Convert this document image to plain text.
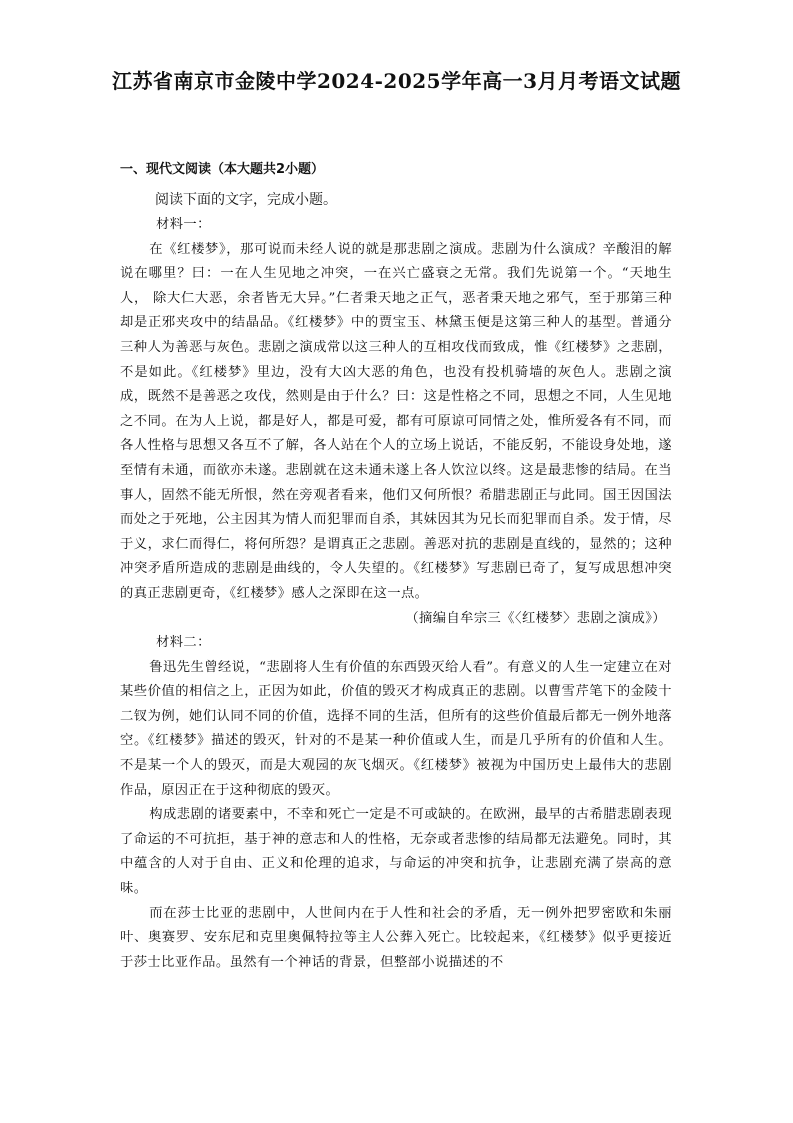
江苏省南京市金陵中学2024-2025学年高一3月月考语文试题
一、现代文阅读（本大题共2小题）
阅读下面的文字，完成小题。

材料一：

在《红楼梦》，那可说而未经人说的就是那悲剧之演成。悲剧为什么演成？辛酸泪的解说在哪里？曰：一在人生见地之冲突，一在兴亡盛衰之无常。我们先说第一个。“天地生人， 除大仁大恶，余者皆无大异。”仁者秉天地之正气，恶者秉天地之邪气，至于那第三种却是正邪夹攻中的结晶品。《红楼梦》中的贾宝玉、林黛玉便是这第三种人的基型。普通分三种人为善恶与灰色。悲剧之演成常以这三种人的互相攻伐而致成，惟《红楼梦》之悲剧，不是如此。《红楼梦》里边，没有大凶大恶的角色，也没有投机骑墙的灰色人。悲剧之演成，既然不是善恶之攻伐，然则是由于什么？曰：这是性格之不同，思想之不同，人生见地之不同。在为人上说，都是好人，都是可爱，都有可原谅可同情之处，惟所爱各有不同，而各人性格与思想又各互不了解，各人站在个人的立场上说话，不能反躬，不能设身处地，遂至情有未通，而欲亦未遂。悲剧就在这未通未遂上各人饮泣以终。这是最悲惨的结局。在当事人，固然不能无所恨，然在旁观者看来，他们又何所恨？希腊悲剧正与此同。国王因国法而处之于死地，公主因其为情人而犯罪而自杀，其妹因其为兄长而犯罪而自杀。发于情，尽于义，求仁而得仁，将何所怨？是谓真正之悲剧。善恶对抗的悲剧是直线的，显然的；这种冲突矛盾所造成的悲剧是曲线的，令人失望的。《红楼梦》写悲剧已奇了，复写成思想冲突的真正悲剧更奇，《红楼梦》感人之深即在这一点。

（摘编自牟宗三《〈红楼梦〉悲剧之演成》）

材料二：

鲁迅先生曾经说，“悲剧将人生有价值的东西毁灭给人看”。有意义的人生一定建立在对某些价值的相信之上，正因为如此，价值的毁灭才构成真正的悲剧。以曹雪芹笔下的金陵十二钗为例，她们认同不同的价值，选择不同的生活，但所有的这些价值最后都无一例外地落空。《红楼梦》描述的毁灭，针对的不是某一种价值或人生，而是几乎所有的价值和人生。不是某一个人的毁灭，而是大观园的灰飞烟灭。《红楼梦》被视为中国历史上最伟大的悲剧作品，原因正在于这种彻底的毁灭。

构成悲剧的诸要素中，不幸和死亡一定是不可或缺的。在欧洲，最早的古希腊悲剧表现了命运的不可抗拒，基于神的意志和人的性格，无奈或者悲惨的结局都无法避免。同时，其中蕴含的人对于自由、正义和伦理的追求，与命运的冲突和抗争，让悲剧充满了崇高的意味。

而在莎士比亚的悲剧中，人世间内在于人性和社会的矛盾，无一例外把罗密欧和朱丽叶、奥赛罗、安东尼和克里奥佩特拉等主人公葬入死亡。比较起来，《红楼梦》似乎更接近于莎士比亚作品。虽然有一个神话的背景，但整部小说描述的不
